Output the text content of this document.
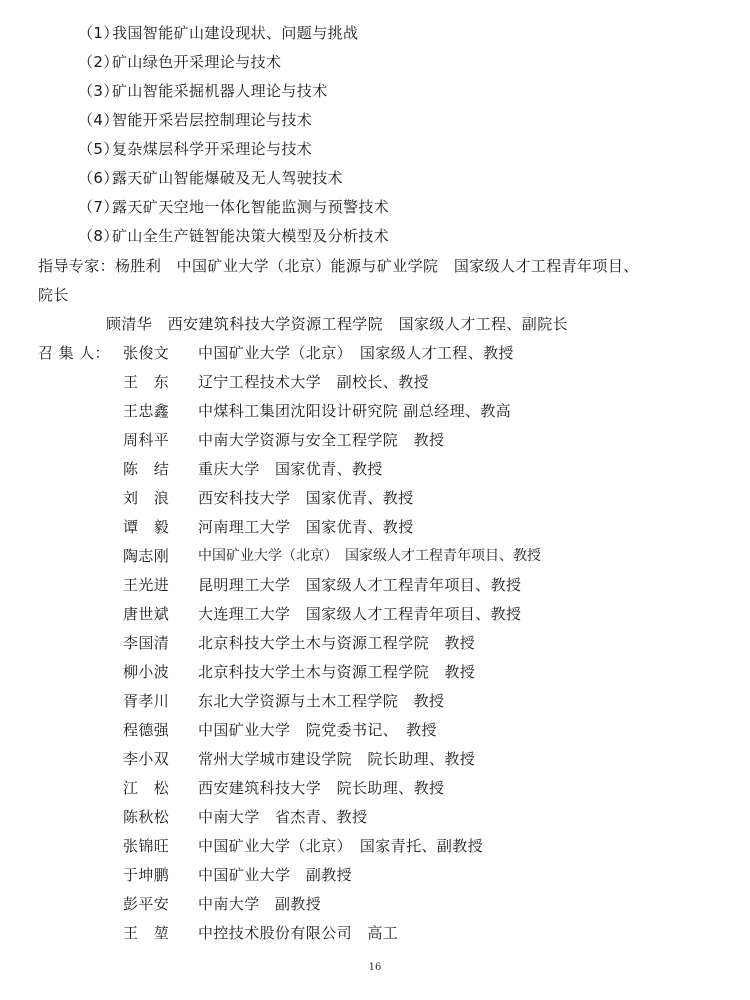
（1）我国智能矿山建设现状、问题与挑战
（2）矿山绿色开采理论与技术
（3）矿山智能采掘机器人理论与技术
（4）智能开采岩层控制理论与技术
（5）复杂煤层科学开采理论与技术
（6）露天矿山智能爆破及无人驾驶技术
（7）露天矿天空地一体化智能监测与预警技术
（8）矿山全生产链智能决策大模型及分析技术
指导专家：杨胜利　中国矿业大学（北京）能源与矿业学院　国家级人才工程青年项目、
院长
顾清华　西安建筑科技大学资源工程学院　国家级人才工程、副院长
召 集 人： 张俊文 中国矿业大学（北京）　国家级人才工程、教授
王　东 辽宁工程技术大学　副校长、教授
王忠鑫 中煤科工集团沈阳设计研究院 副总经理、教高
周科平 中南大学资源与安全工程学院　教授
陈　结 重庆大学　国家优青、教授
刘　浪 西安科技大学　国家优青、教授
谭　毅 河南理工大学　国家优青、教授
陶志刚 中国矿业大学（北京）　国家级人才工程青年项目、教授
王光进 昆明理工大学　国家级人才工程青年项目、教授
唐世斌 大连理工大学　国家级人才工程青年项目、教授
李国清 北京科技大学土木与资源工程学院　教授
柳小波 北京科技大学土木与资源工程学院　教授
胥孝川 东北大学资源与土木工程学院　教授
程德强 中国矿业大学　院党委书记、　教授
李小双 常州大学城市建设学院　院长助理、教授
江　松 西安建筑科技大学　院长助理、教授
陈秋松 中南大学　省杰青、教授
张锦旺 中国矿业大学（北京）　国家青托、副教授
于坤鹏 中国矿业大学　副教授
彭平安 中南大学　副教授
王　堃 中控技术股份有限公司　高工
16
